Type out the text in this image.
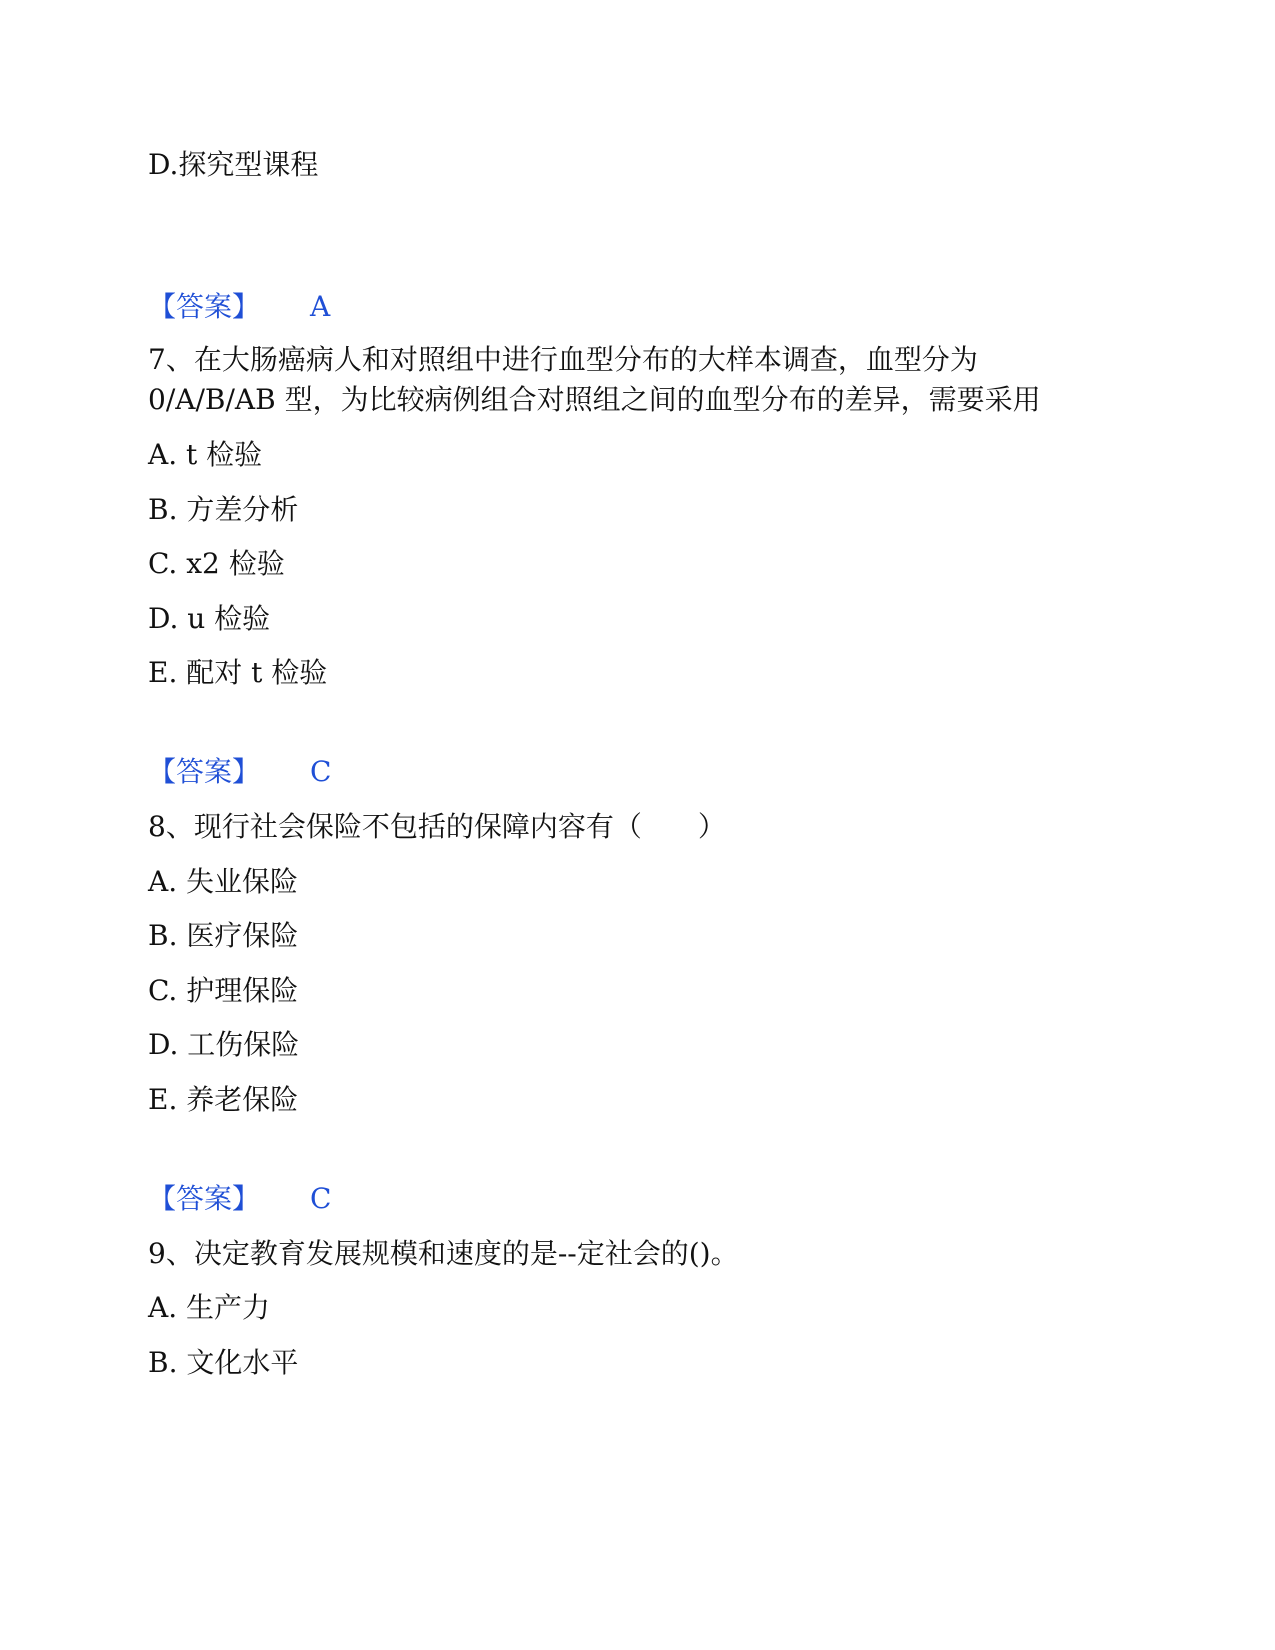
D.探究型课程

【答案】 A

7、在大肠癌病人和对照组中进行血型分布的大样本调查，血型分为

0/A/B/AB 型，为比较病例组合对照组之间的血型分布的差异，需要采用

A. t 检验

B. 方差分析

C. x2 检验

D. u 检验

E. 配对 t 检验

【答案】 C

8、现行社会保险不包括的保障内容有（　　）

A. 失业保险

B. 医疗保险

C. 护理保险

D. 工伤保险

E. 养老保险

【答案】 C

9、决定教育发展规模和速度的是--定社会的()。

A. 生产力

B. 文化水平
